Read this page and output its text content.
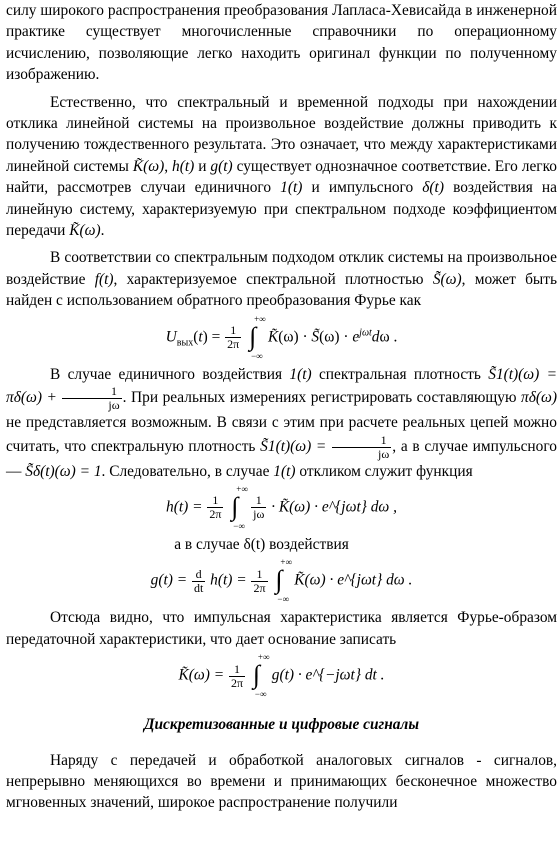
силу широкого распространения преобразования Лапласа-Хевисайда в инженерной практике существует многочисленные справочники по операционному исчислению, позволяющие легко находить оригинал функции по полученному изображению.

Естественно, что спектральный и временной подходы при нахождении отклика линейной системы на произвольное воздействие должны приводить к получению тождественного результата. Это означает, что между характеристиками линейной системы K̃(ω), h(t) и g(t) существует однозначное соответствие. Его легко найти, рассмотрев случаи единичного 1(t) и импульсного δ(t) воздействия на линейную систему, характеризуемую при спектральном подходе коэффициентом передачи K̃(ω).

В соответствии со спектральным подходом отклик системы на произвольное воздействие f(t), характеризуемое спектральной плотностью S̃(ω), может быть найден с использованием обратного преобразования Фурье как

$U_{вых}(t) = \frac{1}{2\pi}$

+∞
∫
−∞
K̃(ω) · S̃(ω) · $e^{j\omega t}d\omega$ .

В случае единичного воздействия 1(t) спектральная плотность S̃1(t)(ω) = $\pi\delta(\omega) + \frac{1}{j\omega}$ . При реальных измерениях регистрировать составляющую πδ(ω) не представляется возможным. В связи с этим при расчете реальных цепей можно считать, что спектральную плотность S̃1(t)(ω) = $\frac{1}{j\omega}$ , а в случае импульсного — S̃δ(t)(ω) = 1. Следовательно, в случае 1(t) откликом служит функция

$h(t) = \frac{1}{2\pi}$

+∞
∫
−∞

$\frac{1}{j\omega}$ · K̃(ω) · e^{jωt} dω ,

а в случае δ(t) воздействия

$g(t) = \frac{d}{dt} h(t) = \frac{1}{2\pi}$

+∞
∫
−∞
K̃(ω) · e^{jωt} dω .

Отсюда видно, что импульсная характеристика является Фурье-образом передаточной характеристики, что дает основание записать

K̃(ω) = $\frac{1}{2\pi}$

+∞
∫
−∞
g(t) · e^{−jωt} dt .
Дискретизованные и цифровые сигналы

Наряду с передачей и обработкой аналоговых сигналов - сигналов, непрерывно меняющихся во времени и принимающих бесконечное множество мгновенных значений, широкое распространение получили
